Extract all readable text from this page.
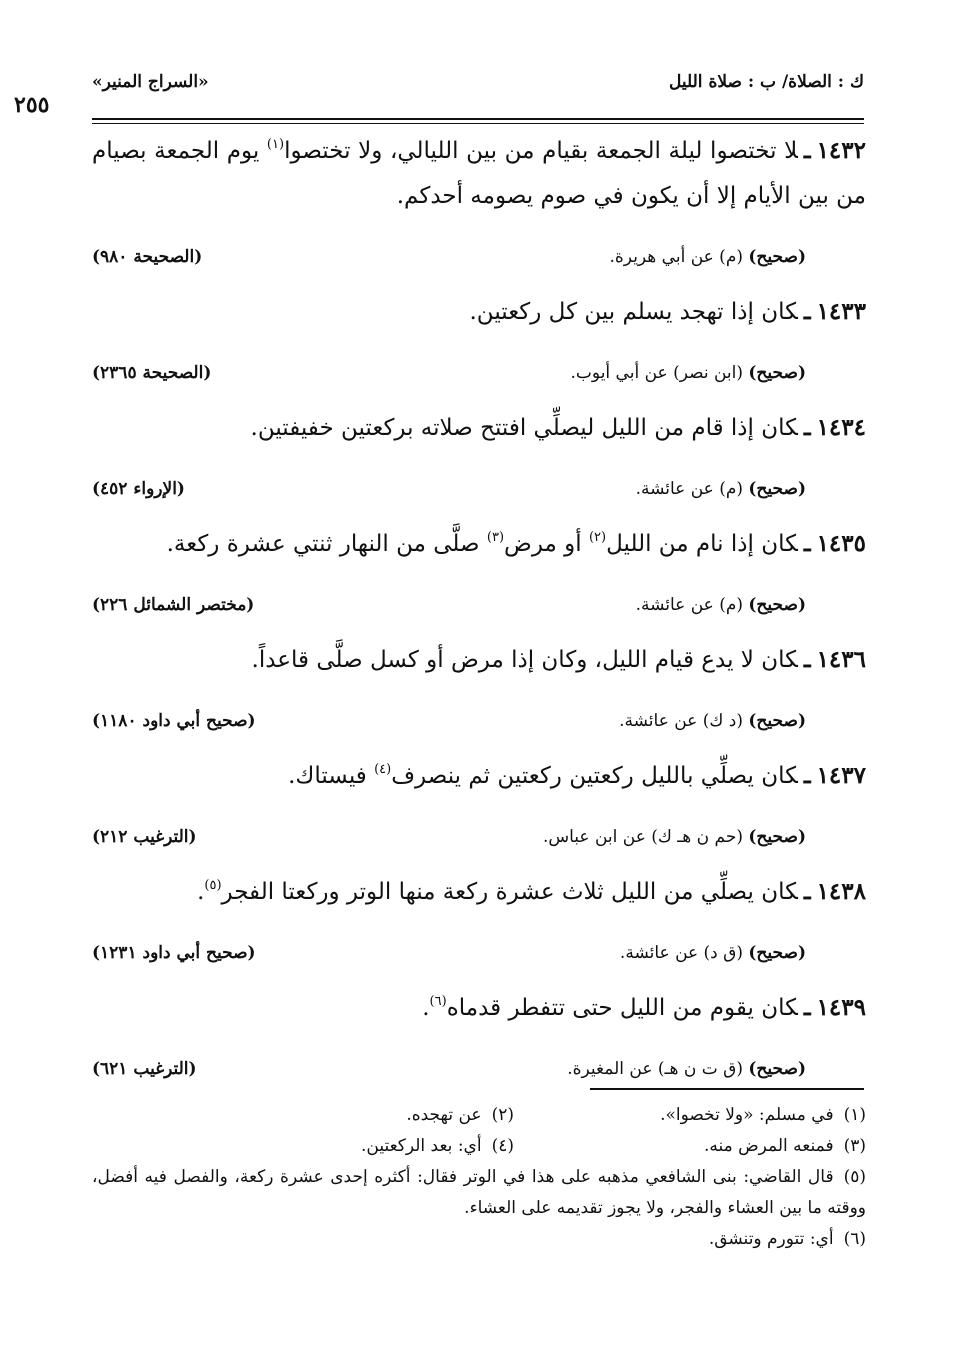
ك : الصلاة/ ب : صلاة الليل
«السراج المنير»
٢٥٥

١٤٣٢ـلا تختصوا ليلة الجمعة بقيام من بين الليالي، ولا تختصوا$^{(١)}$ يوم الجمعة بصيام من بين الأيام إلا أن يكون في صوم يصومه أحدكم.

(صحيح) (م) عن أبي هريرة.
(الصحيحة ٩٨٠)

١٤٣٣ـكان إذا تهجد يسلم بين كل ركعتين.

(صحيح) (ابن نصر) عن أبي أيوب.
(الصحيحة ٢٣٦٥)

١٤٣٤ـكان إذا قام من الليل ليصلِّي افتتح صلاته بركعتين خفيفتين.

(صحيح) (م) عن عائشة.
(الإرواء ٤٥٢)

١٤٣٥ـكان إذا نام من الليل$^{(٢)}$ أو مرض$^{(٣)}$ صلَّى من النهار ثنتي عشرة ركعة.

(صحيح) (م) عن عائشة.
(مختصر الشمائل ٢٢٦)

١٤٣٦ـكان لا يدع قيام الليل، وكان إذا مرض أو كسل صلَّى قاعداً.

(صحيح) (د ك) عن عائشة.
(صحيح أبي داود ١١٨٠)

١٤٣٧ـكان يصلِّي بالليل ركعتين ركعتين ثم ينصرف$^{(٤)}$ فيستاك.

(صحيح) (حم ن هـ ك) عن ابن عباس.
(الترغيب ٢١٢)

١٤٣٨ـكان يصلِّي من الليل ثلاث عشرة ركعة منها الوتر وركعتا الفجر$^{(٥)}$.

(صحيح) (ق د) عن عائشة.
(صحيح أبي داود ١٢٣١)

١٤٣٩ـكان يقوم من الليل حتى تتفطر قدماه$^{(٦)}$.

(صحيح) (ق ت ن هـ) عن المغيرة.
(الترغيب ٦٢١)
(١)في مسلم: «ولا تخصوا».
(٢)عن تهجده.
(٣)فمنعه المرض منه.
(٤)أي: بعد الركعتين.

(٥)قال القاضي: بنى الشافعي مذهبه على هذا في الوتر فقال: أكثره إحدى عشرة ركعة، والفصل فيه أفضل، ووقته ما بين العشاء والفجر، ولا يجوز تقديمه على العشاء.

(٦)أي: تتورم وتنشق.
